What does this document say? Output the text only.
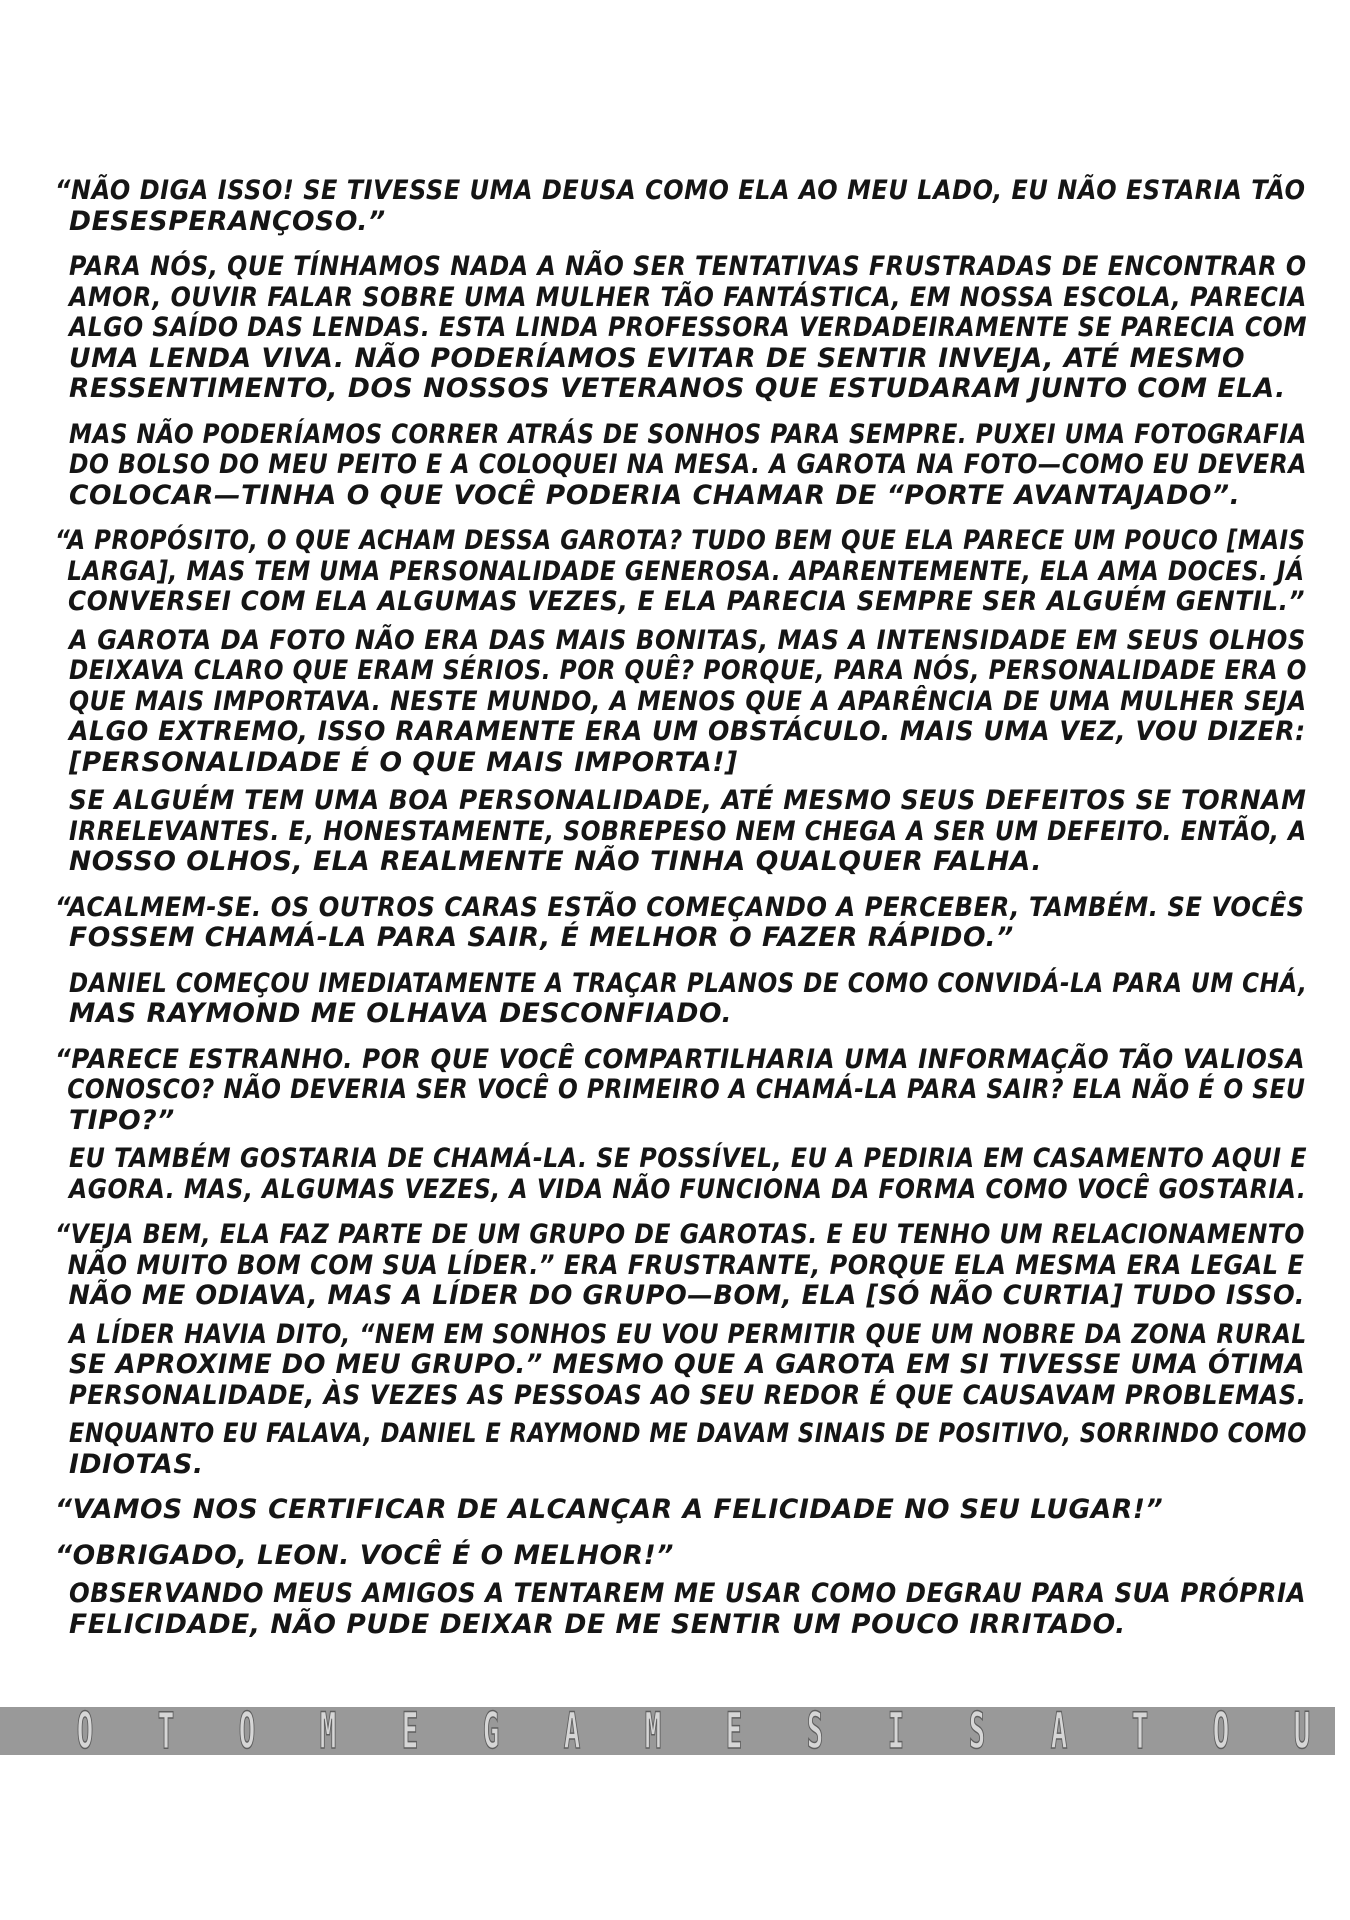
“NÃO DIGA ISSO! SE TIVESSE UMA DEUSA COMO ELA AO MEU LADO, EU NÃO ESTARIA TÃO
DESESPERANÇOSO.”
PARA NÓS, QUE TÍNHAMOS NADA A NÃO SER TENTATIVAS FRUSTRADAS DE ENCONTRAR O
AMOR, OUVIR FALAR SOBRE UMA MULHER TÃO FANTÁSTICA, EM NOSSA ESCOLA, PARECIA
ALGO SAÍDO DAS LENDAS. ESTA LINDA PROFESSORA VERDADEIRAMENTE SE PARECIA COM
UMA LENDA VIVA. NÃO PODERÍAMOS EVITAR DE SENTIR INVEJA, ATÉ MESMO
RESSENTIMENTO, DOS NOSSOS VETERANOS QUE ESTUDARAM JUNTO COM ELA.
MAS NÃO PODERÍAMOS CORRER ATRÁS DE SONHOS PARA SEMPRE. PUXEI UMA FOTOGRAFIA
DO BOLSO DO MEU PEITO E A COLOQUEI NA MESA. A GAROTA NA FOTO—COMO EU DEVERA
COLOCAR—TINHA O QUE VOCÊ PODERIA CHAMAR DE “PORTE AVANTAJADO”.
“A PROPÓSITO, O QUE ACHAM DESSA GAROTA? TUDO BEM QUE ELA PARECE UM POUCO [MAIS
LARGA], MAS TEM UMA PERSONALIDADE GENEROSA. APARENTEMENTE, ELA AMA DOCES. JÁ
CONVERSEI COM ELA ALGUMAS VEZES, E ELA PARECIA SEMPRE SER ALGUÉM GENTIL.”
A GAROTA DA FOTO NÃO ERA DAS MAIS BONITAS, MAS A INTENSIDADE EM SEUS OLHOS
DEIXAVA CLARO QUE ERAM SÉRIOS. POR QUÊ? PORQUE, PARA NÓS, PERSONALIDADE ERA O
QUE MAIS IMPORTAVA. NESTE MUNDO, A MENOS QUE A APARÊNCIA DE UMA MULHER SEJA
ALGO EXTREMO, ISSO RARAMENTE ERA UM OBSTÁCULO. MAIS UMA VEZ, VOU DIZER:
[PERSONALIDADE É O QUE MAIS IMPORTA!]
SE ALGUÉM TEM UMA BOA PERSONALIDADE, ATÉ MESMO SEUS DEFEITOS SE TORNAM
IRRELEVANTES. E, HONESTAMENTE, SOBREPESO NEM CHEGA A SER UM DEFEITO. ENTÃO, A
NOSSO OLHOS, ELA REALMENTE NÃO TINHA QUALQUER FALHA.
“ACALMEM-SE. OS OUTROS CARAS ESTÃO COMEÇANDO A PERCEBER, TAMBÉM. SE VOCÊS
FOSSEM CHAMÁ-LA PARA SAIR, É MELHOR O FAZER RÁPIDO.”
DANIEL COMEÇOU IMEDIATAMENTE A TRAÇAR PLANOS DE COMO CONVIDÁ-LA PARA UM CHÁ,
MAS RAYMOND ME OLHAVA DESCONFIADO.
“PARECE ESTRANHO. POR QUE VOCÊ COMPARTILHARIA UMA INFORMAÇÃO TÃO VALIOSA
CONOSCO? NÃO DEVERIA SER VOCÊ O PRIMEIRO A CHAMÁ-LA PARA SAIR? ELA NÃO É O SEU
TIPO?”
EU TAMBÉM GOSTARIA DE CHAMÁ-LA. SE POSSÍVEL, EU A PEDIRIA EM CASAMENTO AQUI E
AGORA. MAS, ALGUMAS VEZES, A VIDA NÃO FUNCIONA DA FORMA COMO VOCÊ GOSTARIA.
“VEJA BEM, ELA FAZ PARTE DE UM GRUPO DE GAROTAS. E EU TENHO UM RELACIONAMENTO
NÃO MUITO BOM COM SUA LÍDER.” ERA FRUSTRANTE, PORQUE ELA MESMA ERA LEGAL E
NÃO ME ODIAVA, MAS A LÍDER DO GRUPO—BOM, ELA [SÓ NÃO CURTIA] TUDO ISSO.
A LÍDER HAVIA DITO, “NEM EM SONHOS EU VOU PERMITIR QUE UM NOBRE DA ZONA RURAL
SE APROXIME DO MEU GRUPO.” MESMO QUE A GAROTA EM SI TIVESSE UMA ÓTIMA
PERSONALIDADE, ÀS VEZES AS PESSOAS AO SEU REDOR É QUE CAUSAVAM PROBLEMAS.
ENQUANTO EU FALAVA, DANIEL E RAYMOND ME DAVAM SINAIS DE POSITIVO, SORRINDO COMO
IDIOTAS.
“VAMOS NOS CERTIFICAR DE ALCANÇAR A FELICIDADE NO SEU LUGAR!”
“OBRIGADO, LEON. VOCÊ É O MELHOR!”
OBSERVANDO MEUS AMIGOS A TENTAREM ME USAR COMO DEGRAU PARA SUA PRÓPRIA
FELICIDADE, NÃO PUDE DEIXAR DE ME SENTIR UM POUCO IRRITADO.
O T O M E G A M E S I S A T O U
